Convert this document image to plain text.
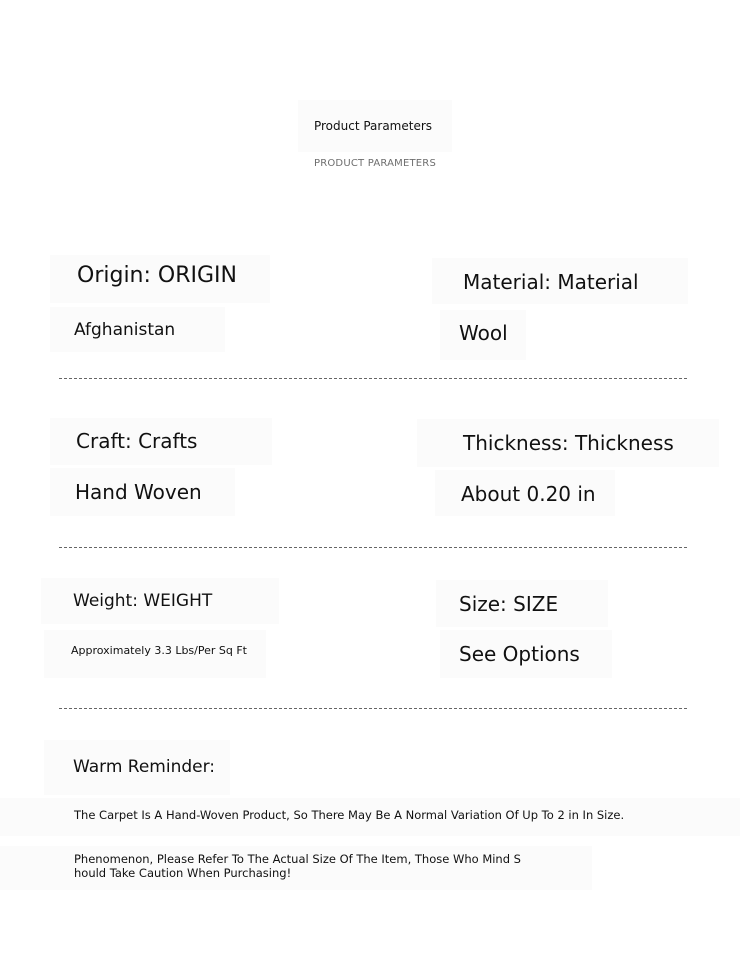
Product Parameters
PRODUCT PARAMETERS
Origin: ORIGIN
Afghanistan
Material: Material
Wool
Craft: Crafts
Hand Woven
Thickness: Thickness
About 0.20 in
Weight: WEIGHT
Approximately 3.3 Lbs/Per Sq Ft
Size: SIZE
See Options
Warm Reminder:
The Carpet Is A Hand-Woven Product, So There May Be A Normal Variation Of Up To 2 in In Size.
Phenomenon, Please Refer To The Actual Size Of The Item, Those Who Mind S
hould Take Caution When Purchasing!
